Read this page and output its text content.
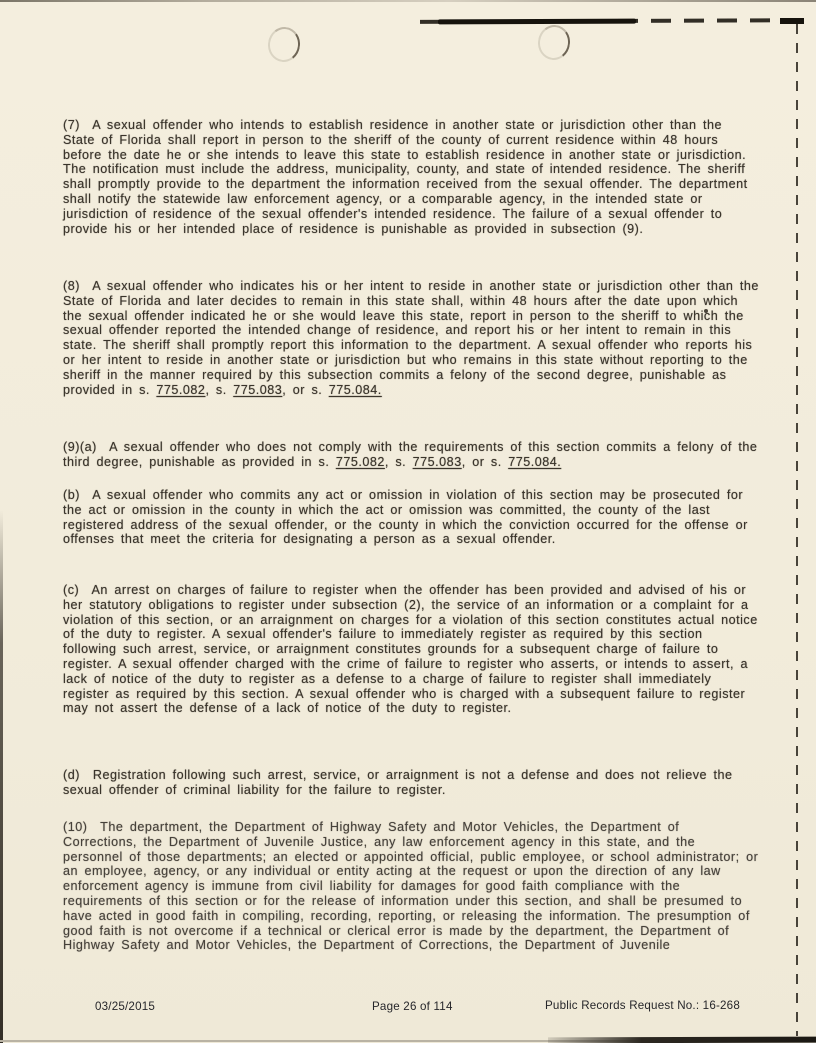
(7)  A sexual offender who intends to establish residence in another state or jurisdiction other than the State of Florida shall report in person to the sheriff of the county of current residence within 48 hours before the date he or she intends to leave this state to establish residence in another state or jurisdiction. The notification must include the address, municipality, county, and state of intended residence. The sheriff shall promptly provide to the department the information received from the sexual offender. The department shall notify the statewide law enforcement agency, or a comparable agency, in the intended state or jurisdiction of residence of the sexual offender's intended residence. The failure of a sexual offender to provide his or her intended place of residence is punishable as provided in subsection (9).
(8)  A sexual offender who indicates his or her intent to reside in another state or jurisdiction other than the State of Florida and later decides to remain in this state shall, within 48 hours after the date upon which the sexual offender indicated he or she would leave this state, report in person to the sheriff to which the sexual offender reported the intended change of residence, and report his or her intent to remain in this state. The sheriff shall promptly report this information to the department. A sexual offender who reports his or her intent to reside in another state or jurisdiction but who remains in this state without reporting to the sheriff in the manner required by this subsection commits a felony of the second degree, punishable as provided in s. 775.082, s. 775.083, or s. 775.084.
(9)(a)  A sexual offender who does not comply with the requirements of this section commits a felony of the third degree, punishable as provided in s. 775.082, s. 775.083, or s. 775.084.
(b)  A sexual offender who commits any act or omission in violation of this section may be prosecuted for the act or omission in the county in which the act or omission was committed, the county of the last registered address of the sexual offender, or the county in which the conviction occurred for the offense or offenses that meet the criteria for designating a person as a sexual offender.
(c)  An arrest on charges of failure to register when the offender has been provided and advised of his or her statutory obligations to register under subsection (2), the service of an information or a complaint for a violation of this section, or an arraignment on charges for a violation of this section constitutes actual notice of the duty to register. A sexual offender's failure to immediately register as required by this section following such arrest, service, or arraignment constitutes grounds for a subsequent charge of failure to register. A sexual offender charged with the crime of failure to register who asserts, or intends to assert, a lack of notice of the duty to register as a defense to a charge of failure to register shall immediately register as required by this section. A sexual offender who is charged with a subsequent failure to register may not assert the defense of a lack of notice of the duty to register.
(d)  Registration following such arrest, service, or arraignment is not a defense and does not relieve the sexual offender of criminal liability for the failure to register.
(10)  The department, the Department of Highway Safety and Motor Vehicles, the Department of Corrections, the Department of Juvenile Justice, any law enforcement agency in this state, and the personnel of those departments; an elected or appointed official, public employee, or school administrator; or an employee, agency, or any individual or entity acting at the request or upon the direction of any law enforcement agency is immune from civil liability for damages for good faith compliance with the requirements of this section or for the release of information under this section, and shall be presumed to have acted in good faith in compiling, recording, reporting, or releasing the information. The presumption of good faith is not overcome if a technical or clerical error is made by the department, the Department of Highway Safety and Motor Vehicles, the Department of Corrections, the Department of Juvenile
03/25/2015	Page 26 of 114	Public Records Request No.: 16-268
